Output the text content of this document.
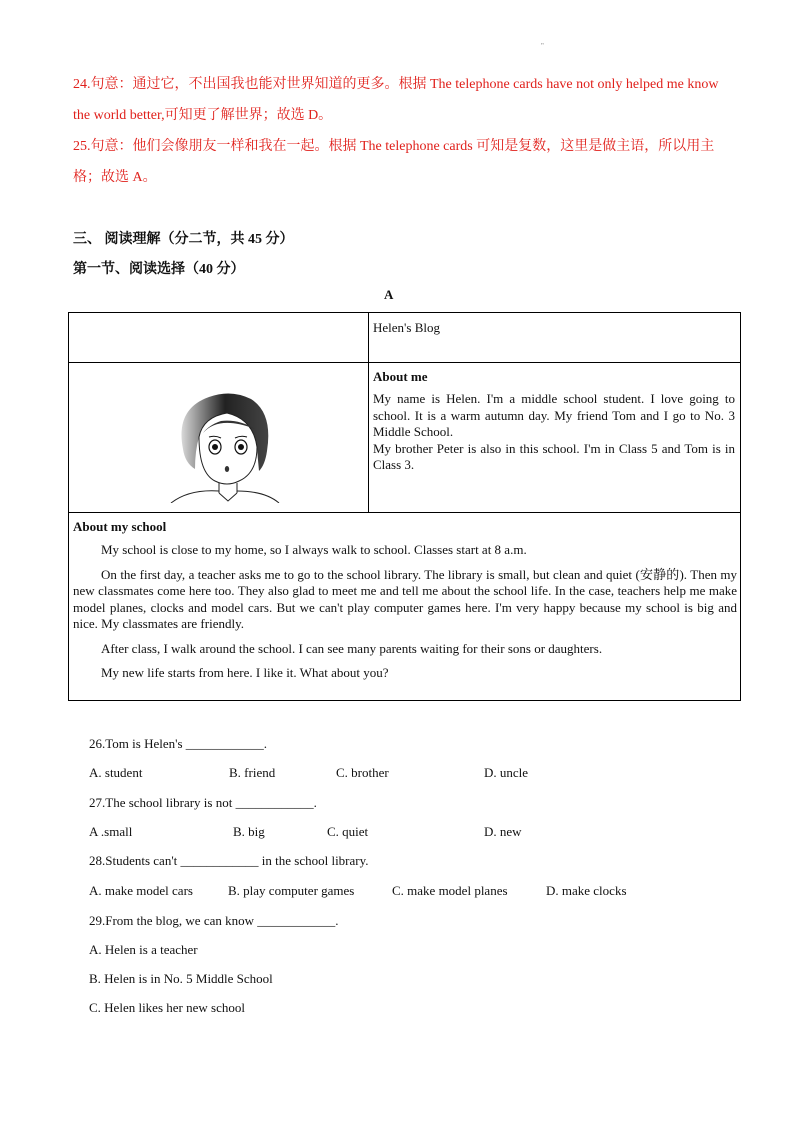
"
24.句意：通过它，不出国我也能对世界知道的更多。根据 The telephone cards have not only helped me know
the world better,可知更了解世界；故选 D。
25.句意：他们会像朋友一样和我在一起。根据 The telephone cards 可知是复数，这里是做主语，所以用主
格；故选 A。
三、 阅读理解（分二节，共 45 分）
第一节、阅读选择（40 分）
A
Helen's Blog
About me
My name is Helen. I'm a middle school student. I love going to school. It is a warm autumn day. My friend Tom and I go to No. 3 Middle School.
My brother Peter is also in this school. I'm in Class 5 and Tom is in Class 3.
About my school
My school is close to my home, so I always walk to school. Classes start at 8 a.m.
On the first day, a teacher asks me to go to the school library. The library is small, but clean and quiet (安静的). Then my new classmates come here too. They also glad to meet me and tell me about the school life. In the case, teachers help me make model planes, clocks and model cars. But we can't play computer games here. I'm very happy because my school is big and nice. My classmates are friendly.
After class, I walk around the school. I can see many parents waiting for their sons or daughters.
My new life starts from here. I like it. What about you?
26.Tom is Helen's ____________.
A. student	B. friend	C. brother	D. uncle
27.The school library is not ____________.
A .small	B. big	C. quiet	D. new
28.Students can't ____________ in the school library.
A. make model cars	B. play computer games	C. make model planes	D. make clocks
29.From the blog, we can know ____________.
A. Helen is a teacher
B. Helen is in No. 5 Middle School
C. Helen likes her new school
